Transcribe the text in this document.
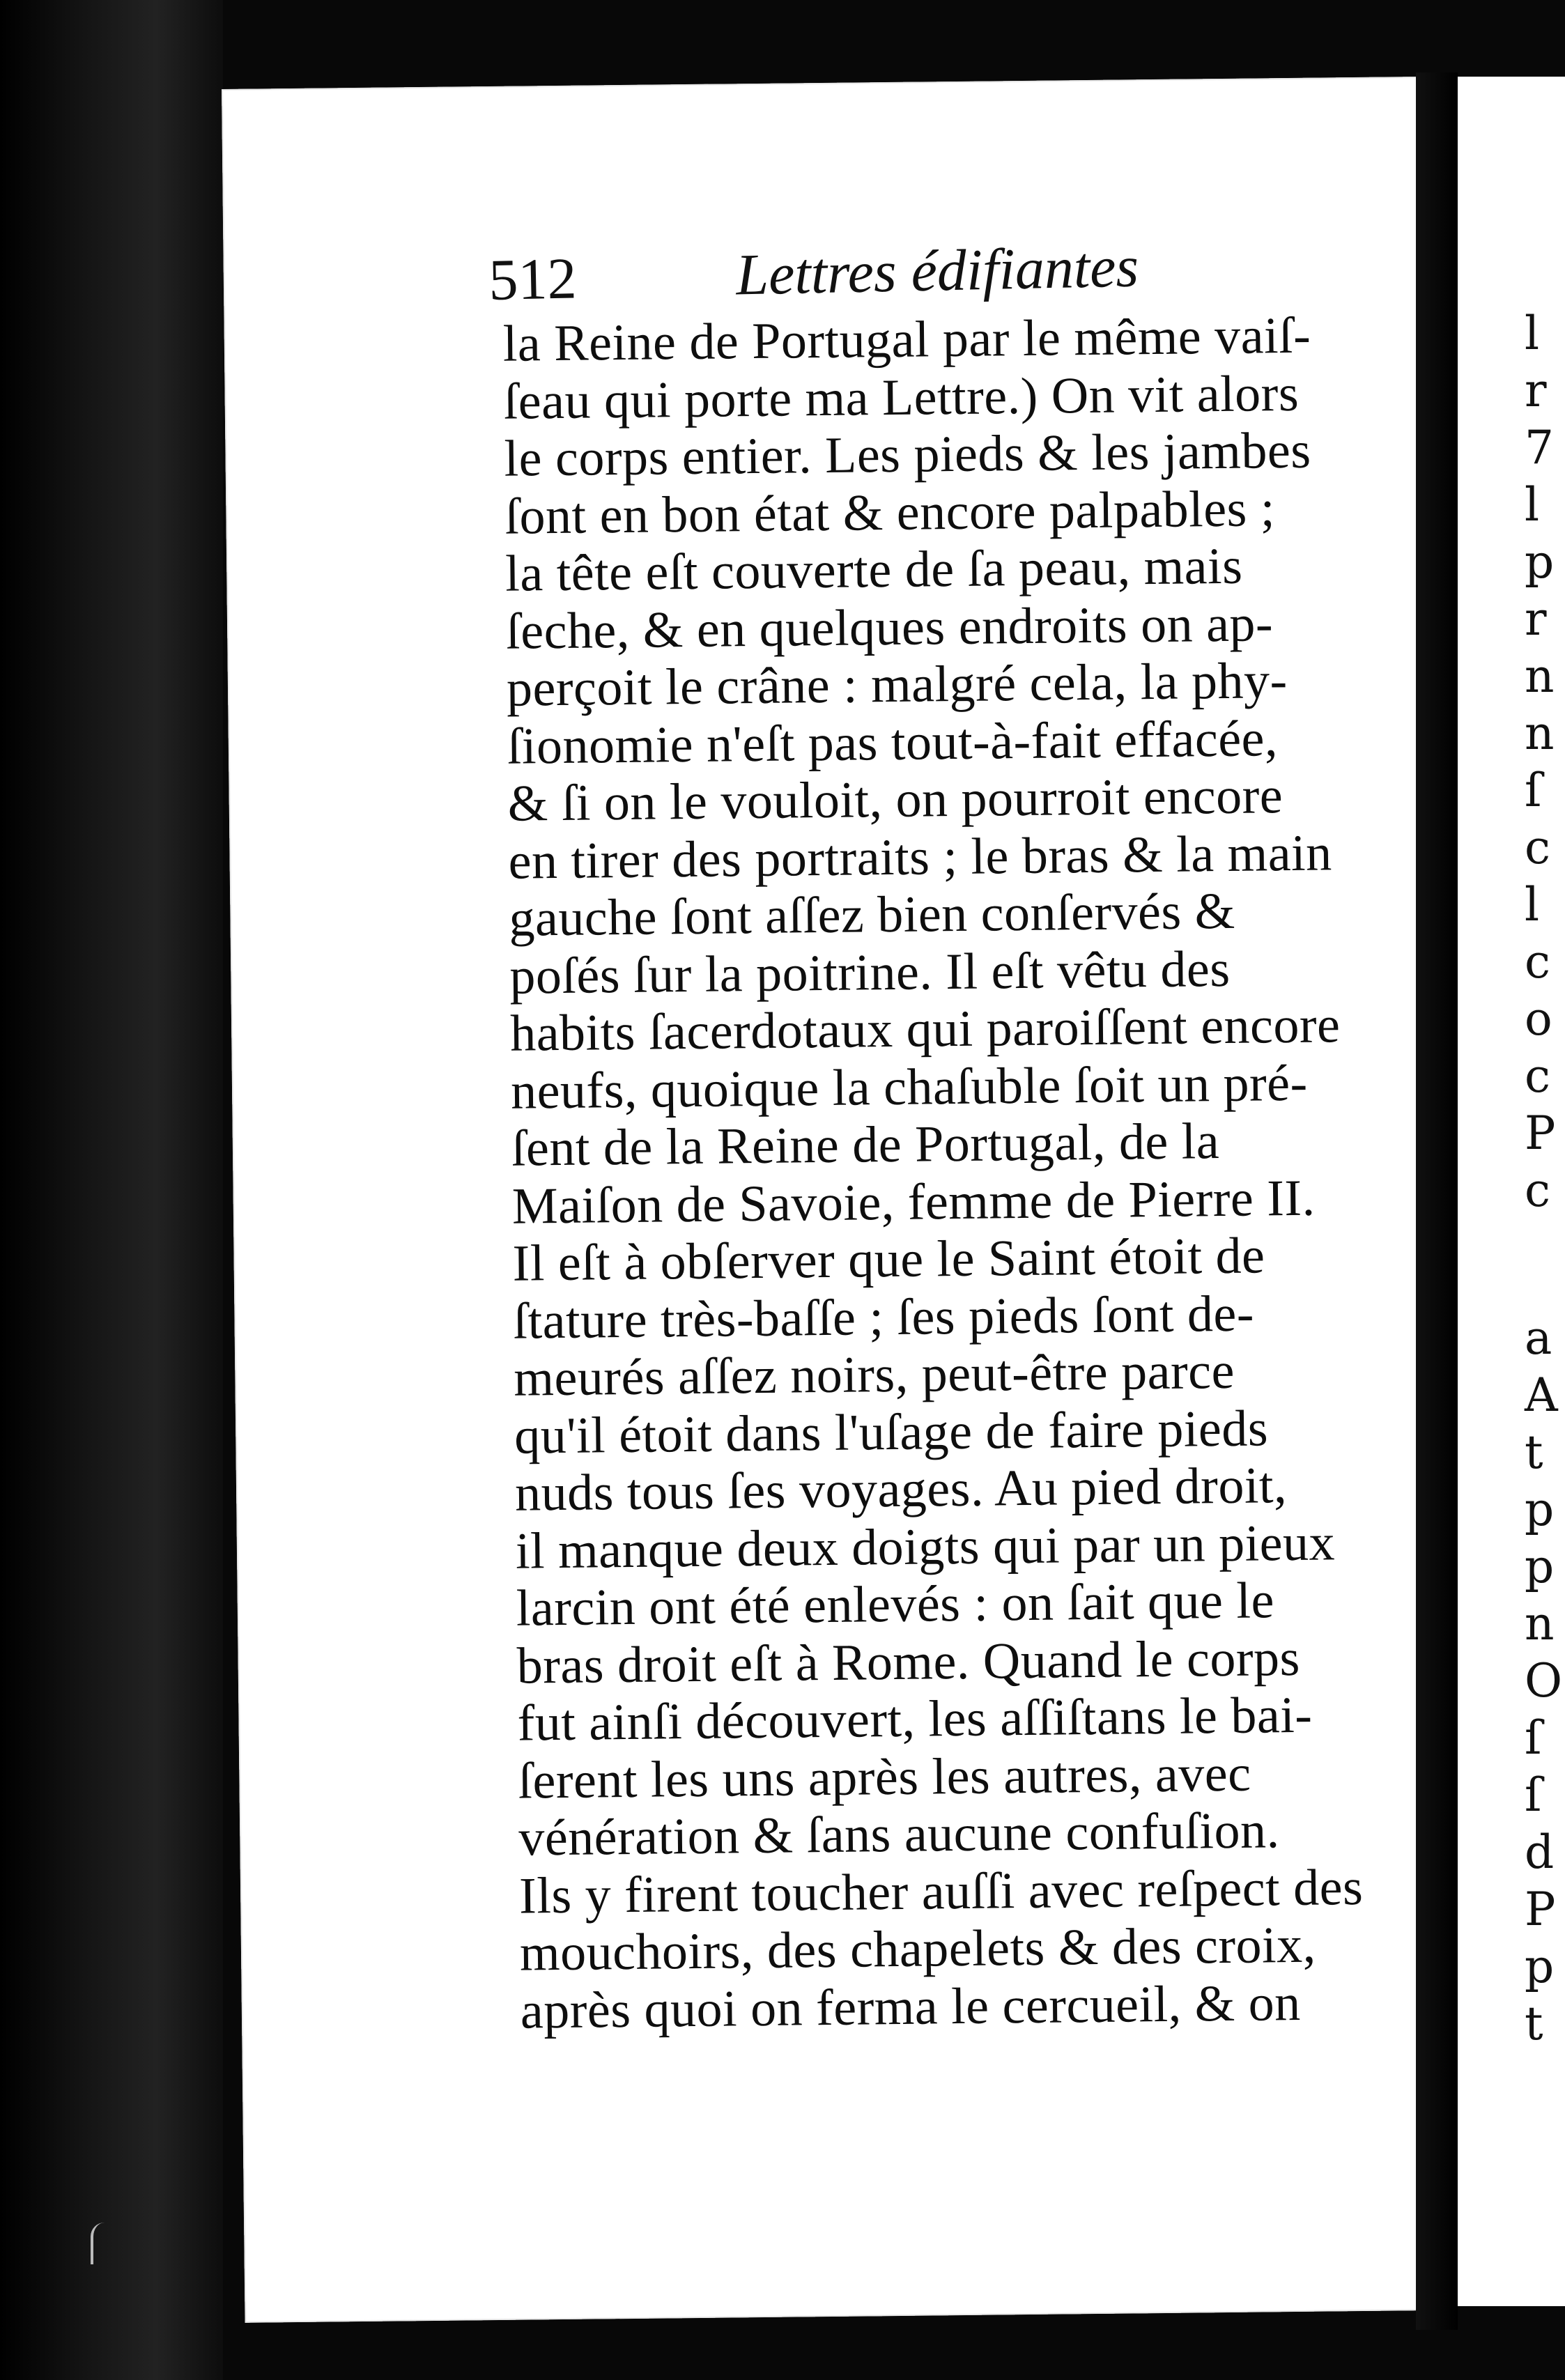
512	Lettres édifiantes
la Reine de Portugal par le même vaiſ-
ſeau qui porte ma Lettre.) On vit alors
le corps entier. Les pieds & les jambes
ſont en bon état & encore palpables ;
la tête eſt couverte de ſa peau, mais
ſeche, & en quelques endroits on ap-
perçoit le crâne : malgré cela, la phy-
ſionomie n'eſt pas tout-à-fait effacée,
& ſi on le vouloit, on pourroit encore
en tirer des portraits ; le bras & la main
gauche ſont aſſez bien conſervés &
poſés ſur la poitrine. Il eſt vêtu des
habits ſacerdotaux qui paroiſſent encore
neufs, quoique la chaſuble ſoit un pré-
ſent de la Reine de Portugal, de la
Maiſon de Savoie, femme de Pierre II.
Il eſt à obſerver que le Saint étoit de
ſtature très-baſſe ; ſes pieds ſont de-
meurés aſſez noirs, peut-être parce
qu'il étoit dans l'uſage de faire pieds
nuds tous ſes voyages. Au pied droit,
il manque deux doigts qui par un pieux
larcin ont été enlevés : on ſait que le
bras droit eſt à Rome. Quand le corps
fut ainſi découvert, les aſſiſtans le bai-
ſerent les uns après les autres, avec
vénération & ſans aucune confuſion.
Ils y firent toucher auſſi avec reſpect des
mouchoirs, des chapelets & des croix,
après quoi on ferma le cercueil, & on
l
r
7
l
p
r
n
n
ſ
c
l
c
o
c
P
c
a
A
t
p
p
n
O
ſ
ſ
d
P
p
t
